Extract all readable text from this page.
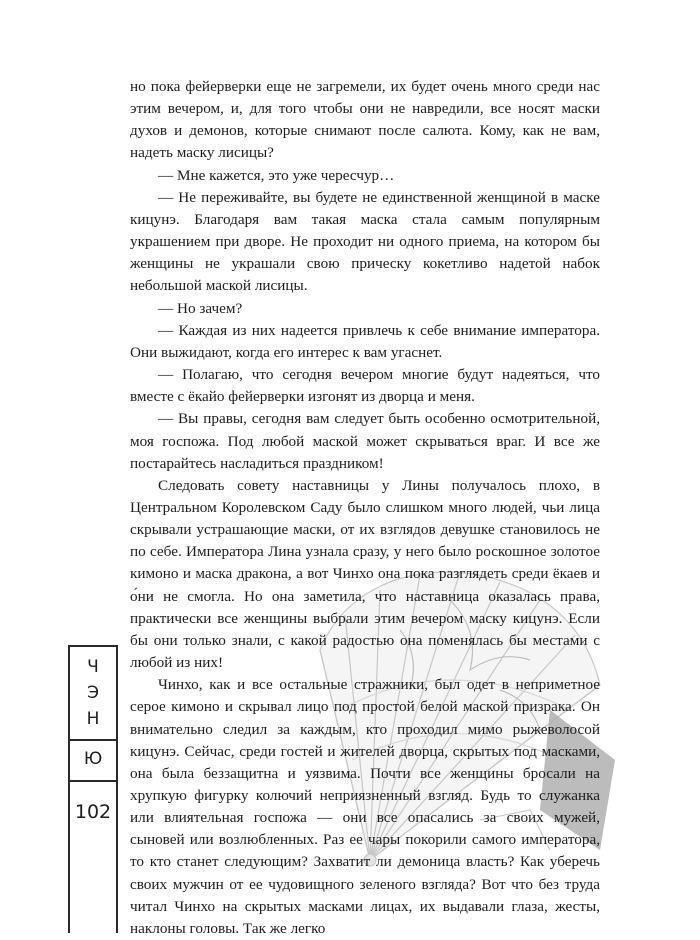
но пока фейерверки еще не загремели, их будет очень много среди нас этим вечером, и, для того чтобы они не навредили, все носят маски духов и демонов, которые снимают после салюта. Кому, как не вам, надеть маску лисицы?

— Мне кажется, это уже чересчур…

— Не переживайте, вы будете не единственной женщиной в маске кицунэ. Благодаря вам такая маска стала самым популярным украшением при дворе. Не проходит ни одного приема, на котором бы женщины не украшали свою прическу кокетливо надетой набок небольшой маской лисицы.

— Но зачем?

— Каждая из них надеется привлечь к себе внимание императора. Они выжидают, когда его интерес к вам угаснет.

— Полагаю, что сегодня вечером многие будут надеяться, что вместе с ёкайо фейерверки изгонят из дворца и меня.

— Вы правы, сегодня вам следует быть особенно осмотрительной, моя госпожа. Под любой маской может скрываться враг. И все же постарайтесь насладиться праздником!

Следовать совету наставницы у Лины получалось плохо, в Центральном Королевском Саду было слишком много людей, чьи лица скрывали устрашающие маски, от их взглядов девушке становилось не по себе. Императора Лина узнала сразу, у него было роскошное золотое кимоно и маска дракона, а вот Чинхо она пока разглядеть среди ёкаев и о́ни не смогла. Но она заметила, что наставница оказалась права, практически все женщины выбрали этим вечером маску кицунэ. Если бы они только знали, с какой радостью она поменялась бы местами с любой из них!

Чинхо, как и все остальные стражники, был одет в неприметное серое кимоно и скрывал лицо под простой белой маской призрака. Он внимательно следил за каждым, кто проходил мимо рыжеволосой кицунэ. Сейчас, среди гостей и жителей дворца, скрытых под масками, она была беззащитна и уязвима. Почти все женщины бросали на хрупкую фигурку колючий неприязненный взгляд. Будь то служанка или влиятельная госпожа — они все опасались за своих мужей, сыновей или возлюбленных. Раз ее чары покорили самого императора, то кто станет следующим? Захватит ли демоница власть? Как уберечь своих мужчин от ее чудовищного зеленого взгляда? Вот что без труда читал Чинхо на скрытых масками лицах, их выдавали глаза, жесты, наклоны головы. Так же легко

Ч
Э
Н
Ю
102
